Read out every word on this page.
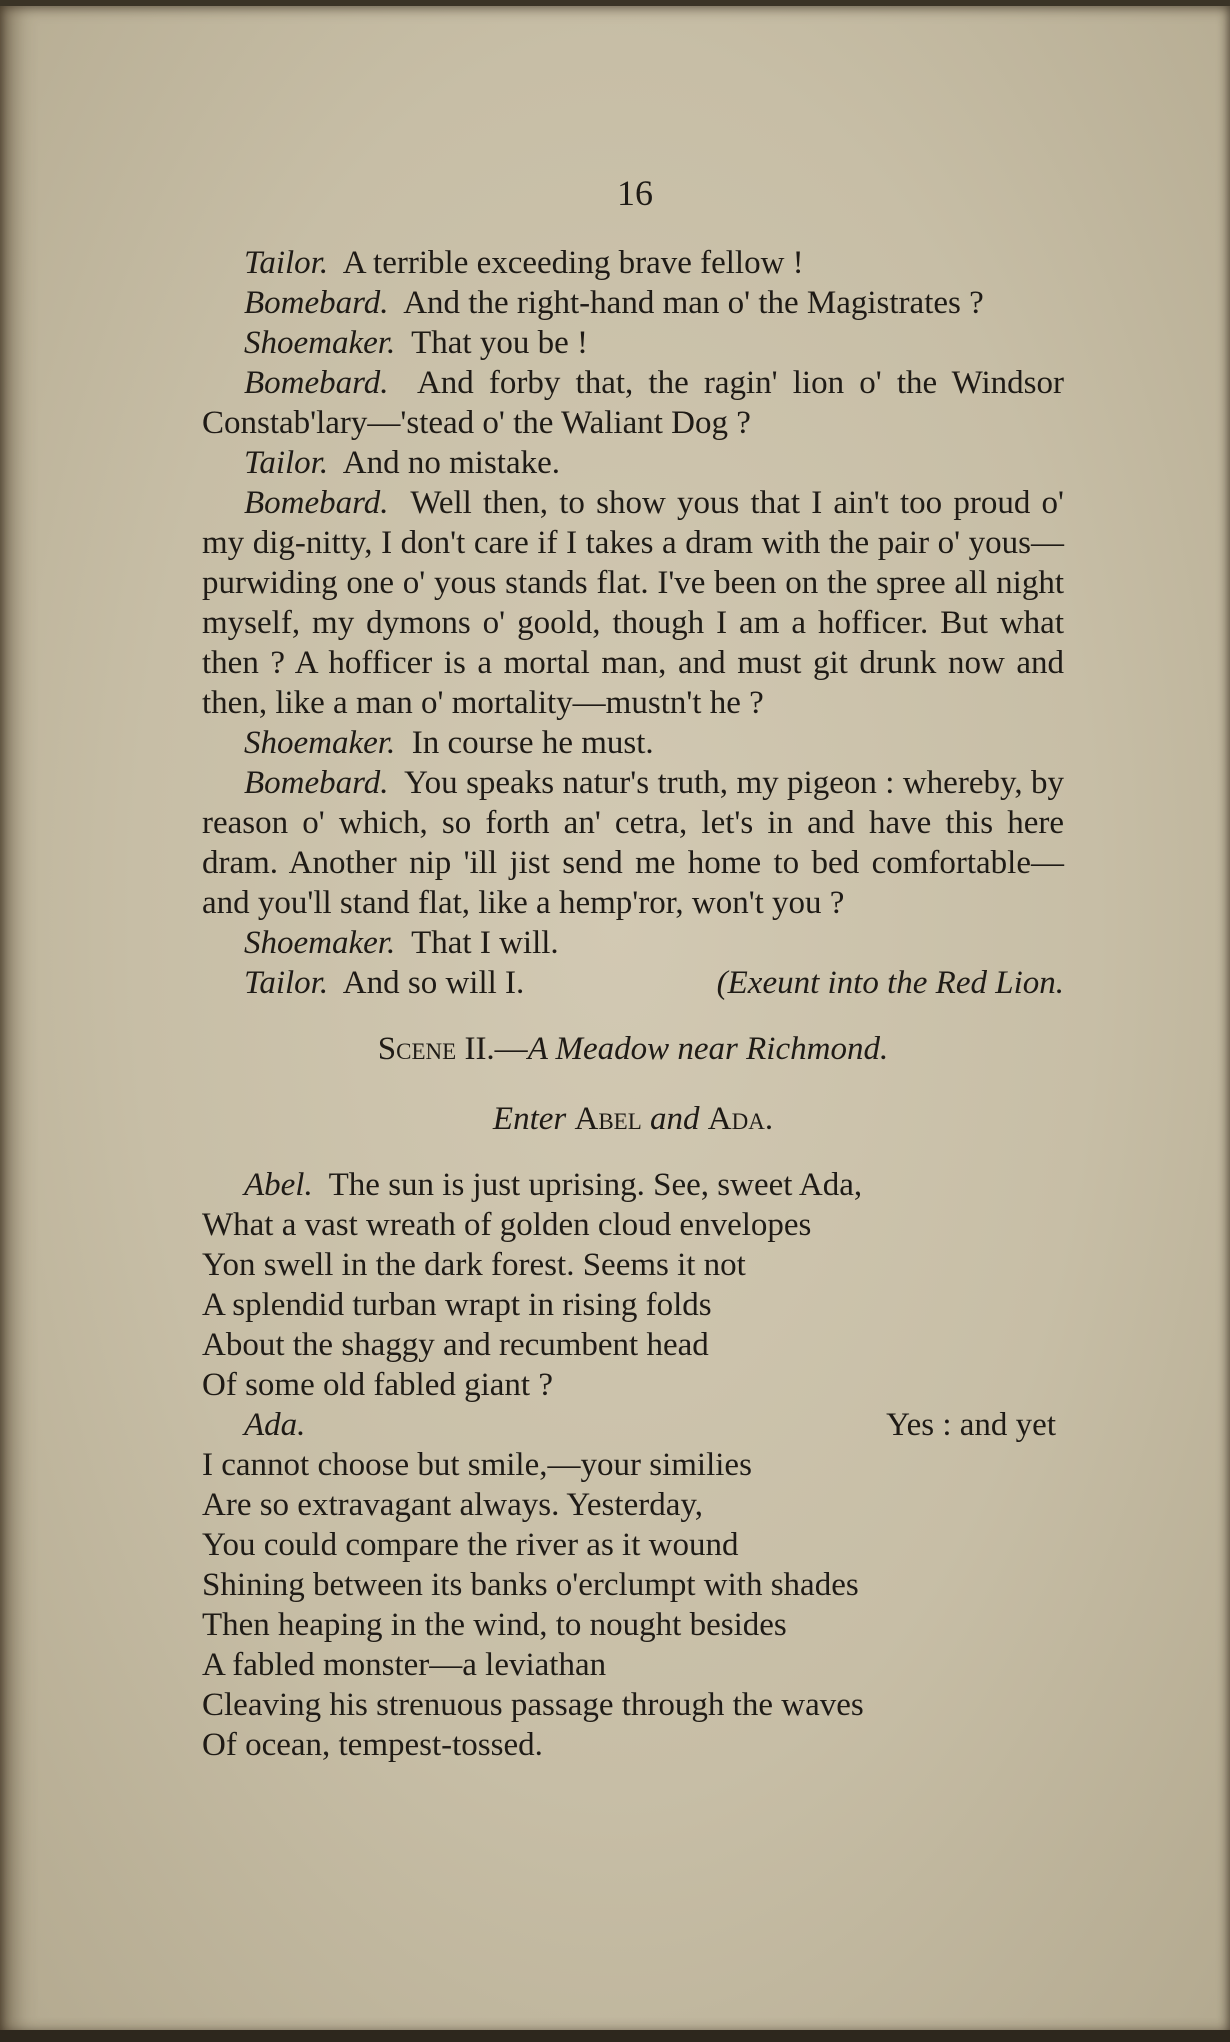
16

Tailor. A terrible exceeding brave fellow !

Bomebard. And the right-hand man o' the Magistrates ?

Shoemaker. That you be !

Bomebard. And forby that, the ragin' lion o' the Windsor Constab'lary—'stead o' the Waliant Dog ?

Tailor. And no mistake.

Bomebard. Well then, to show yous that I ain't too proud o' my dig-nitty, I don't care if I takes a dram with the pair o' yous—purwiding one o' yous stands flat. I've been on the spree all night myself, my dymons o' goold, though I am a hofficer. But what then ? A hofficer is a mortal man, and must git drunk now and then, like a man o' mortality—mustn't he ?

Shoemaker. In course he must.

Bomebard. You speaks natur's truth, my pigeon : whereby, by reason o' which, so forth an' cetra, let's in and have this here dram. Another nip 'ill jist send me home to bed comfortable—and you'll stand flat, like a hemp'ror, won't you ?

Shoemaker. That I will.

Tailor. And so will I.	(Exeunt into the Red Lion.

Scene II.—A Meadow near Richmond.

Enter Abel and Ada.

Abel. The sun is just uprising. See, sweet Ada,

What a vast wreath of golden cloud envelopes

Yon swell in the dark forest. Seems it not

A splendid turban wrapt in rising folds

About the shaggy and recumbent head

Of some old fabled giant ?

Ada.	Yes : and yet

I cannot choose but smile,—your similies

Are so extravagant always. Yesterday,

You could compare the river as it wound

Shining between its banks o'erclumpt with shades

Then heaping in the wind, to nought besides

A fabled monster—a leviathan

Cleaving his strenuous passage through the waves

Of ocean, tempest-tossed.
